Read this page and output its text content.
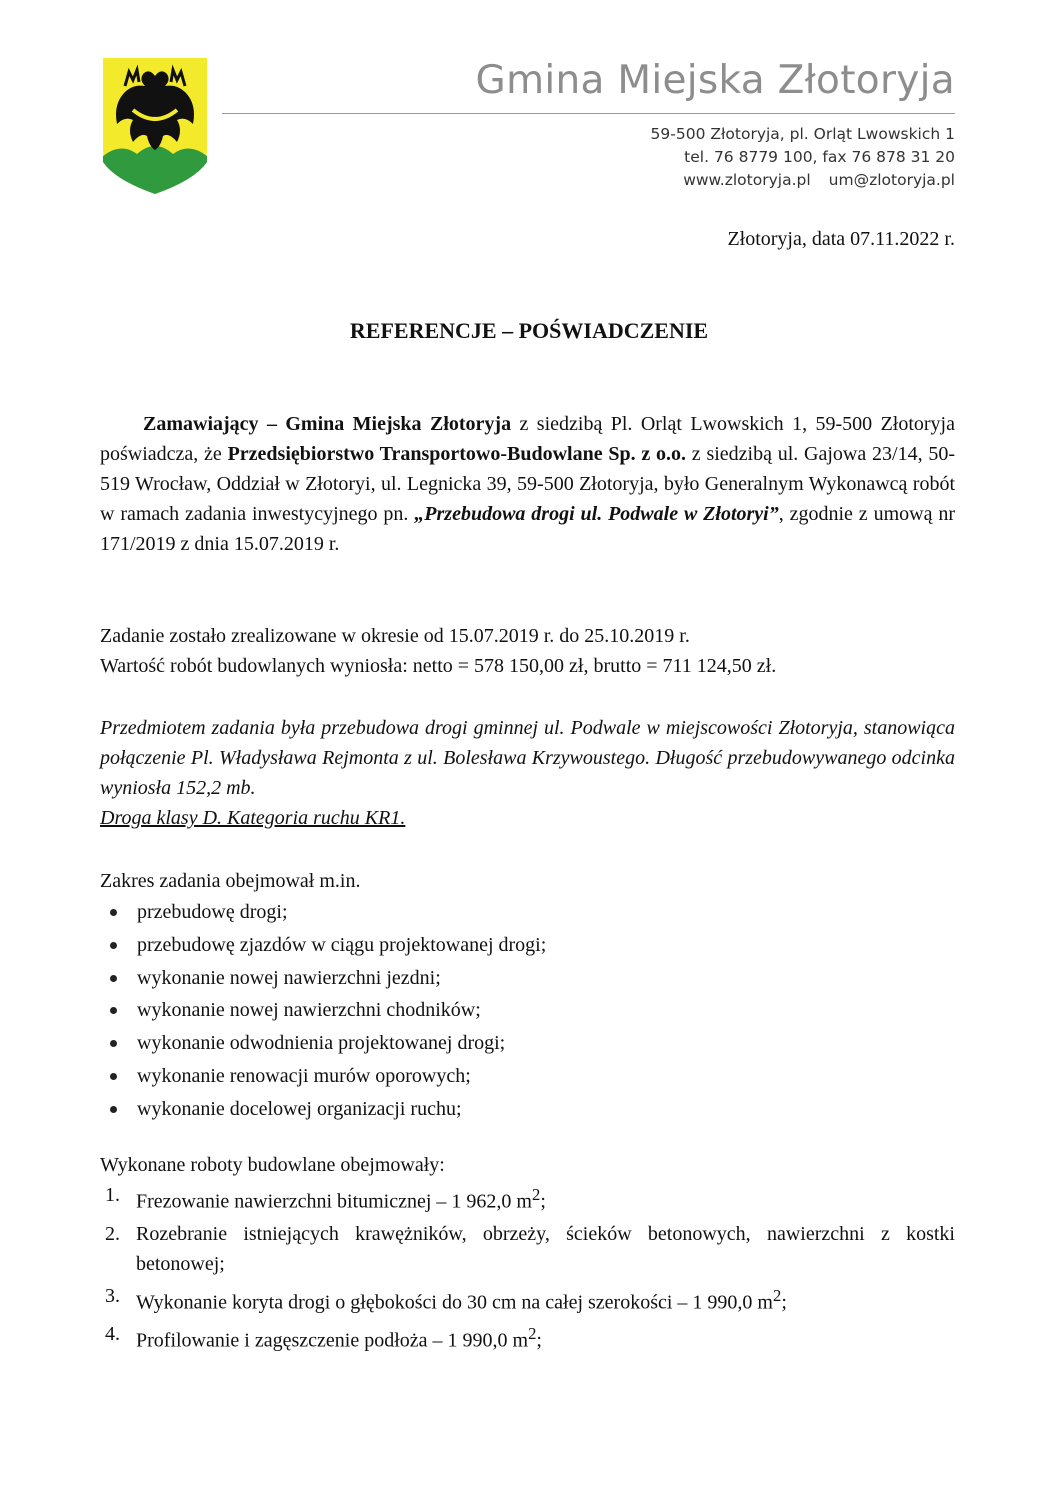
Gmina Miejska Złotoryja
59-500 Złotoryja, pl. Orląt Lwowskich 1
tel. 76 8779 100, fax 76 878 31 20
www.zlotoryja.pl um@zlotoryja.pl
Złotoryja, data 07.11.2022 r.
REFERENCJE – POŚWIADCZENIE

Zamawiający – Gmina Miejska Złotoryja z siedzibą Pl. Orląt Lwowskich 1, 59-500 Złotoryja poświadcza, że Przedsiębiorstwo Transportowo-Budowlane Sp. z o.o. z siedzibą ul. Gajowa 23/14, 50-519 Wrocław, Oddział w Złotoryi, ul. Legnicka 39, 59-500 Złotoryja, było Generalnym Wykonawcą robót w ramach zadania inwestycyjnego pn. „Przebudowa drogi ul. Podwale w Złotoryi”, zgodnie z umową nr 171/2019 z dnia 15.07.2019 r.

Zadanie zostało zrealizowane w okresie od 15.07.2019 r. do 25.10.2019 r.
Wartość robót budowlanych wyniosła: netto = 578 150,00 zł, brutto = 711 124,50 zł.

Przedmiotem zadania była przebudowa drogi gminnej ul. Podwale w miejscowości Złotoryja, stanowiąca połączenie Pl. Władysława Rejmonta z ul. Bolesława Krzywoustego. Długość przebudowywanego odcinka wyniosła 152,2 mb.
Droga klasy D. Kategoria ruchu KR1.

Zakres zadania obejmował m.in.
przebudowę drogi;
przebudowę zjazdów w ciągu projektowanej drogi;
wykonanie nowej nawierzchni jezdni;
wykonanie nowej nawierzchni chodników;
wykonanie odwodnienia projektowanej drogi;
wykonanie renowacji murów oporowych;
wykonanie docelowej organizacji ruchu;
Wykonane roboty budowlane obejmowały:
1. Frezowanie nawierzchni bitumicznej – 1 962,0 $m^2$;
2. Rozebranie istniejących krawężników, obrzeży, ścieków betonowych, nawierzchni z kostki betonowej;
3. Wykonanie koryta drogi o głębokości do 30 cm na całej szerokości – 1 990,0 $m^2$;
4. Profilowanie i zagęszczenie podłoża – 1 990,0 $m^2$;
